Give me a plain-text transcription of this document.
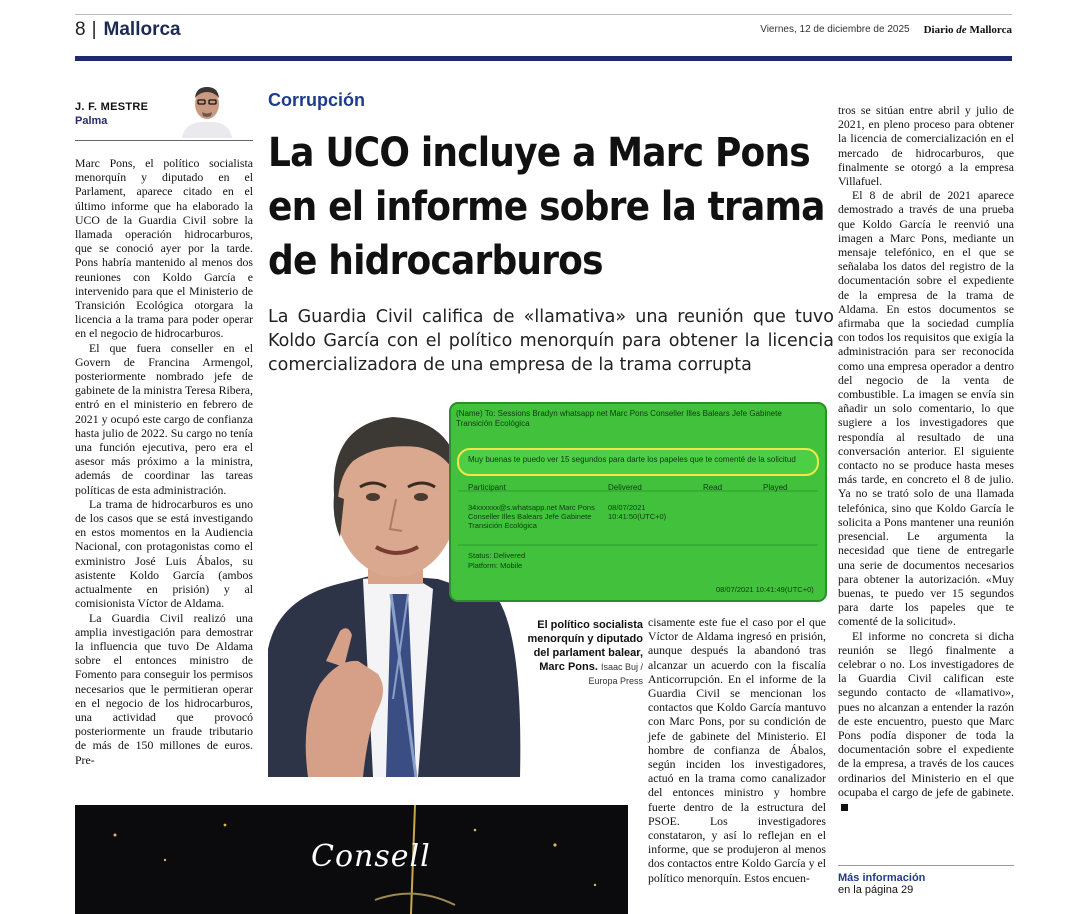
8 | Mallorca	Viernes, 12 de diciembre de 2025 Diario de Mallorca
J. F. MESTRE
Palma
Corrupción
La UCO incluye a Marc Pons en el informe sobre la trama de hidrocarburos
La Guardia Civil califica de «llamativa» una reunión que tuvo Koldo García con el político menorquín para obtener la licencia comercializadora de una empresa de la trama corrupta

Marc Pons, el político socialista menorquín y diputado en el Parlament, aparece citado en el último informe que ha elaborado la UCO de la Guardia Civil sobre la llamada operación hidrocarburos, que se conoció ayer por la tarde. Pons habría mantenido al menos dos reuniones con Koldo García e intervenido para que el Ministerio de Transición Ecológica otorgara la licencia a la trama para poder operar en el negocio de hidrocarburos.

El que fuera conseller en el Govern de Francina Armengol, posteriormente nombrado jefe de gabinete de la ministra Teresa Ribera, entró en el ministerio en febrero de 2021 y ocupó este cargo de confianza hasta julio de 2022. Su cargo no tenía una función ejecutiva, pero era el asesor más próximo a la ministra, además de coordinar las tareas políticas de esta administración.

La trama de hidrocarburos es uno de los casos que se está investigando en estos momentos en la Audiencia Nacional, con protagonistas como el exministro José Luis Ábalos, su asistente Koldo García (ambos actualmente en prisión) y al comisionista Víctor de Aldama.

La Guardia Civil realizó una amplia investigación para demostrar la influencia que tuvo De Aldama sobre el entonces ministro de Fomento para conseguir los permisos necesarios que le permitieran operar en el negocio de los hidrocarburos, una actividad que provocó posteriormente un fraude tributario de más de 150 millones de euros. Pre-

(Name) To: Sessions Bradyn whatsapp net Marc Pons Conseller Illes Balears Jefe Gabinete Transición Ecológica
Muy buenas te puedo ver 15 segundos para darte los papeles que te comenté de la solicitud
Participant	Delivered	Read	Played
34xxxxxx@s.whatsapp.net Marc Pons Conseller Illes Balears Jefe Gabinete Transición Ecológica
08/07/2021 10:41:50(UTC+0)
Status: Delivered
Platform: Mobile
08/07/2021 10:41:49(UTC+0)
El político socialista menorquín y diputado del parlament balear, Marc Pons. Isaac Buj / Europa Press

cisamente este fue el caso por el que Víctor de Aldama ingresó en prisión, aunque después la abandonó tras alcanzar un acuerdo con la fiscalía Anticorrupción. En el informe de la Guardia Civil se mencionan los contactos que Koldo García mantuvo con Marc Pons, por su condición de jefe de gabinete del Ministerio. El hombre de confianza de Ábalos, según inciden los investigadores, actuó en la trama como canalizador del entonces ministro y hombre fuerte dentro de la estructura del PSOE. Los investigadores constataron, y así lo reflejan en el informe, que se produjeron al menos dos contactos entre Koldo García y el político menorquín. Estos encuen-

tros se sitúan entre abril y julio de 2021, en pleno proceso para obtener la licencia de comercialización en el mercado de hidrocarburos, que finalmente se otorgó a la empresa Villafuel.

El 8 de abril de 2021 aparece demostrado a través de una prueba que Koldo García le reenvió una imagen a Marc Pons, mediante un mensaje telefónico, en el que se señalaba los datos del registro de la documentación sobre el expediente de la empresa de la trama de Aldama. En estos documentos se afirmaba que la sociedad cumplía con todos los requisitos que exigía la administración para ser reconocida como una empresa operador a dentro del negocio de la venta de combustible. La imagen se envía sin añadir un solo comentario, lo que sugiere a los investigadores que respondía al resultado de una conversación anterior. El siguiente contacto no se produce hasta meses más tarde, en concreto el 8 de julio. Ya no se trató solo de una llamada telefónica, sino que Koldo García le solicita a Pons mantener una reunión presencial. Le argumenta la necesidad que tiene de entregarle una serie de documentos necesarios para obtener la autorización. «Muy buenas, te puedo ver 15 segundos para darte los papeles que te comenté de la solicitud».

El informe no concreta si dicha reunión se llegó finalmente a celebrar o no. Los investigadores de la Guardia Civil califican este segundo contacto de «llamativo», pues no alcanzan a entender la razón de este encuentro, puesto que Marc Pons podía disponer de toda la documentación sobre el expediente de la empresa, a través de los cauces ordinarios del Ministerio en el que ocupaba el cargo de jefe de gabinete.

Más información
en la página 29
Consell
